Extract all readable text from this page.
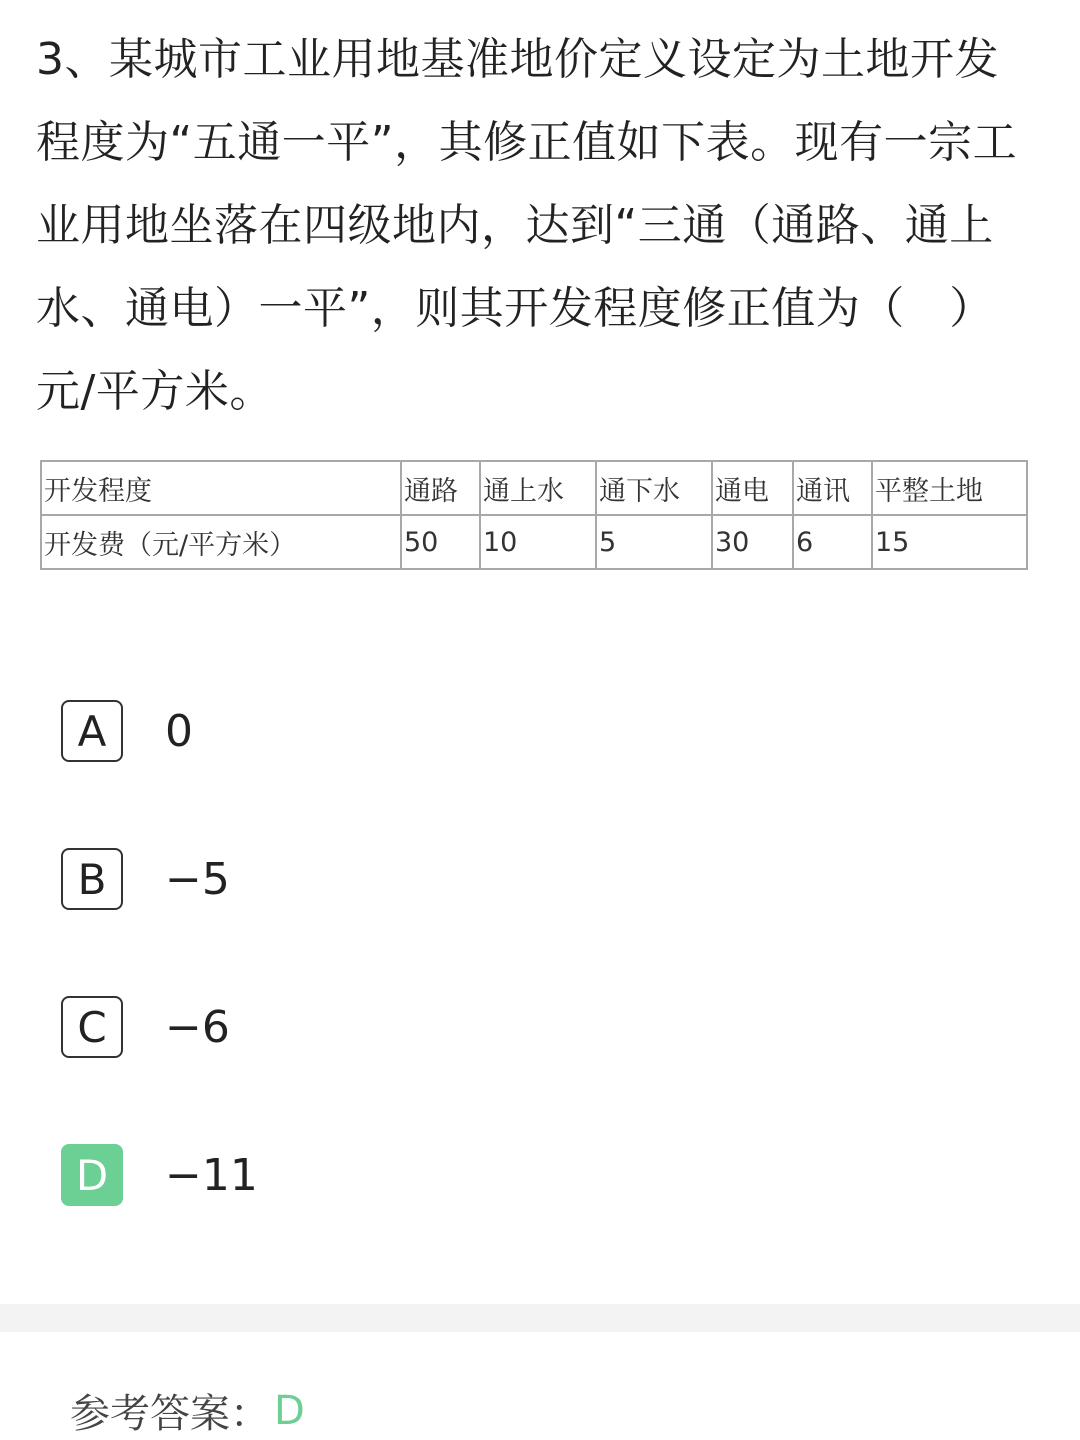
3、某城市工业用地基准地价定义设定为土地开发程度为“五通一平”，其修正值如下表。现有一宗工业用地坐落在四级地内，达到“三通（通路、通上水、通电）一平”，则其开发程度修正值为（　）元/平方米。

开发程度	通路	通上水	通下水	通电	通讯	平整土地
开发费（元/平方米）	50	10	5	30	6	15
A	0
B	−5
C	−6
D	−11
参考答案： D
